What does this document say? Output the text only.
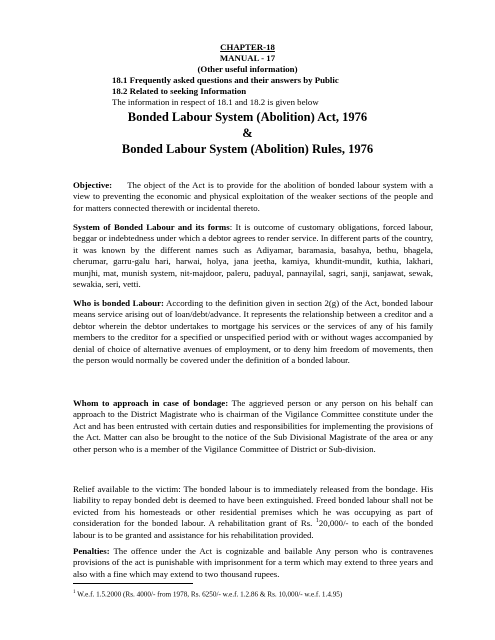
CHAPTER-18
MANUAL - 17
(Other useful information)
18.1 Frequently asked questions and their answers by Public
18.2 Related to seeking Information
The information in respect of 18.1 and 18.2 is given below
Bonded Labour System (Abolition) Act, 1976
&
Bonded Labour System (Abolition) Rules, 1976
Objective: The object of the Act is to provide for the abolition of bonded labour system with a view to preventing the economic and physical exploitation of the weaker sections of the people and for matters connected therewith or incidental thereto.
System of Bonded Labour and its forms: It is outcome of customary obligations, forced labour, beggar or indebtedness under which a debtor agrees to render service. In different parts of the country, it was known by the different names such as Adiyamar, baramasia, basahya, bethu, bhagela, cherumar, garru-galu hari, harwai, holya, jana jeetha, kamiya, khundit-mundit, kuthia, lakhari, munjhi, mat, munish system, nit-majdoor, paleru, paduyal, pannayilal, sagri, sanji, sanjawat, sewak, sewakia, seri, vetti.
Who is bonded Labour: According to the definition given in section 2(g) of the Act, bonded labour means service arising out of loan/debt/advance. It represents the relationship between a creditor and a debtor wherein the debtor undertakes to mortgage his services or the services of any of his family members to the creditor for a specified or unspecified period with or without wages accompanied by denial of choice of alternative avenues of employment, or to deny him freedom of movements, then the person would normally be covered under the definition of a bonded labour.
Whom to approach in case of bondage: The aggrieved person or any person on his behalf can approach to the District Magistrate who is chairman of the Vigilance Committee constitute under the Act and has been entrusted with certain duties and responsibilities for implementing the provisions of the Act. Matter can also be brought to the notice of the Sub Divisional Magistrate of the area or any other person who is a member of the Vigilance Committee of District or Sub-division.
Relief available to the victim: The bonded labour is to immediately released from the bondage. His liability to repay bonded debt is deemed to have been extinguished. Freed bonded labour shall not be evicted from his homesteads or other residential premises which he was occupying as part of consideration for the bonded labour. A rehabilitation grant of Rs. $^1$20,000/- to each of the bonded labour is to be granted and assistance for his rehabilitation provided.
Penalties: The offence under the Act is cognizable and bailable Any person who is contravenes provisions of the act is punishable with imprisonment for a term which may extend to three years and also with a fine which may extend to two thousand rupees.
$^1$ W.e.f. 1.5.2000 (Rs. 4000/- from 1978, Rs. 6250/- w.e.f. 1.2.86 & Rs. 10,000/- w.e.f. 1.4.95)
